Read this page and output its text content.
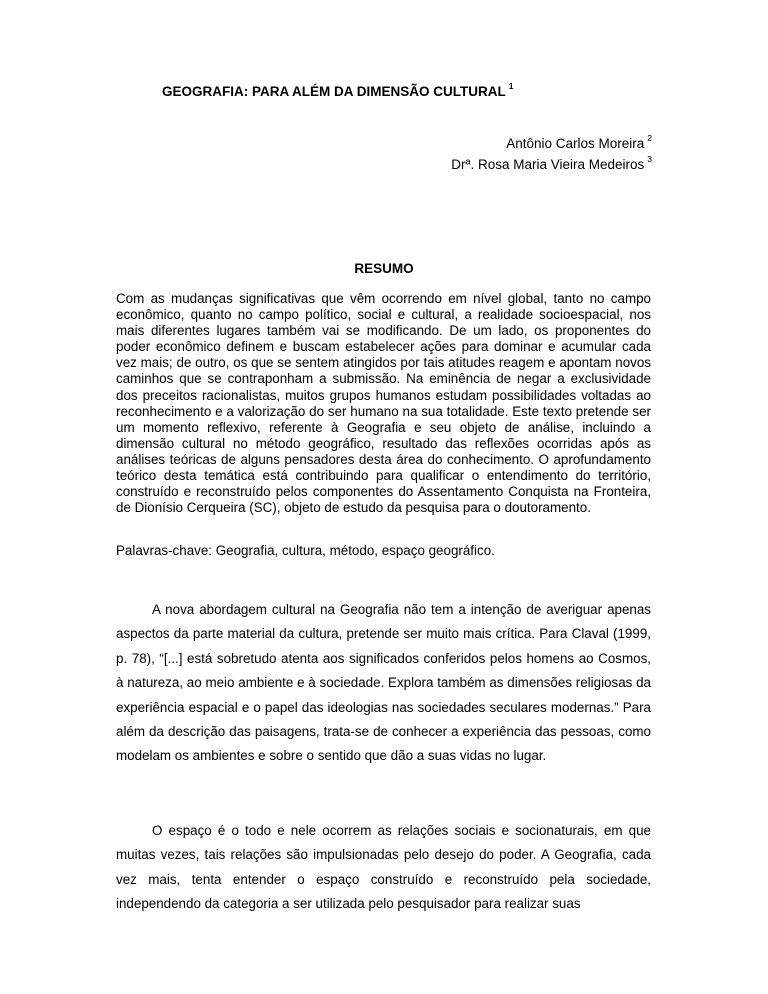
GEOGRAFIA: PARA ALÉM DA DIMENSÃO CULTURAL $^1$
Antônio Carlos Moreira $^2$
Drª. Rosa Maria Vieira Medeiros $^3$
RESUMO

Com as mudanças significativas que vêm ocorrendo em nível global, tanto no campo econômico, quanto no campo político, social e cultural, a realidade socioespacial, nos mais diferentes lugares também vai se modificando. De um lado, os proponentes do poder econômico definem e buscam estabelecer ações para dominar e acumular cada vez mais; de outro, os que se sentem atingidos por tais atitudes reagem e apontam novos caminhos que se contraponham a submissão. Na eminência de negar a exclusividade dos preceitos racionalistas, muitos grupos humanos estudam possibilidades voltadas ao reconhecimento e a valorização do ser humano na sua totalidade. Este texto pretende ser um momento reflexivo, referente à Geografia e seu objeto de análise, incluindo a dimensão cultural no método geográfico, resultado das reflexões ocorridas após as análises teóricas de alguns pensadores desta área do conhecimento. O aprofundamento teórico desta temática está contribuindo para qualificar o entendimento do território, construído e reconstruído pelos componentes do Assentamento Conquista na Fronteira, de Dionísio Cerqueira (SC), objeto de estudo da pesquisa para o doutoramento.

Palavras-chave: Geografia, cultura, método, espaço geográfico.

A nova abordagem cultural na Geografia não tem a intenção de averiguar apenas aspectos da parte material da cultura, pretende ser muito mais crítica. Para Claval (1999, p. 78), “[...] está sobretudo atenta aos significados conferidos pelos homens ao Cosmos, à natureza, ao meio ambiente e à sociedade. Explora também as dimensões religiosas da experiência espacial e o papel das ideologias nas sociedades seculares modernas.” Para além da descrição das paisagens, trata-se de conhecer a experiência das pessoas, como modelam os ambientes e sobre o sentido que dão a suas vidas no lugar.

O espaço é o todo e nele ocorrem as relações sociais e socionaturais, em que muitas vezes, tais relações são impulsionadas pelo desejo do poder. A Geografia, cada vez mais, tenta entender o espaço construído e reconstruído pela sociedade, independendo da categoria a ser utilizada pelo pesquisador para realizar suas
